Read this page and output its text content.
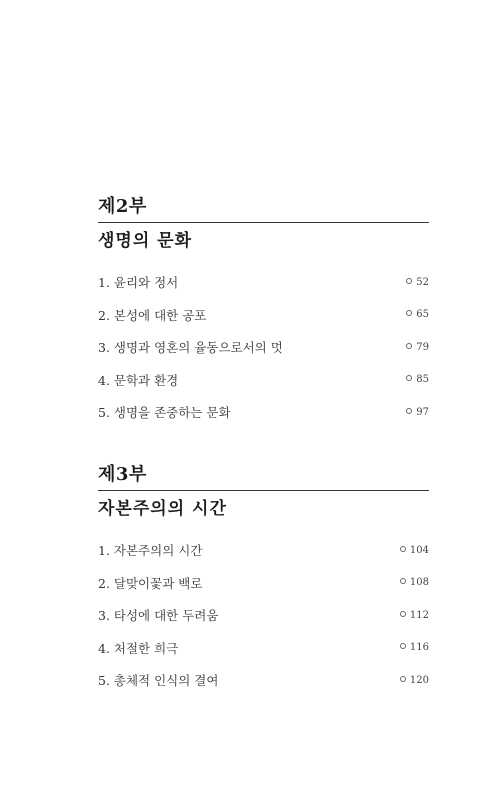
제2부
생명의 문화
1. 윤리와 정서	52
2. 본성에 대한 공포	65
3. 생명과 영혼의 율동으로서의 멋	79
4. 문학과 환경	85
5. 생명을 존중하는 문화	97
제3부
자본주의의 시간
1. 자본주의의 시간	104
2. 달맞이꽃과 백로	108
3. 타성에 대한 두려움	112
4. 처절한 희극	116
5. 총체적 인식의 결여	120
